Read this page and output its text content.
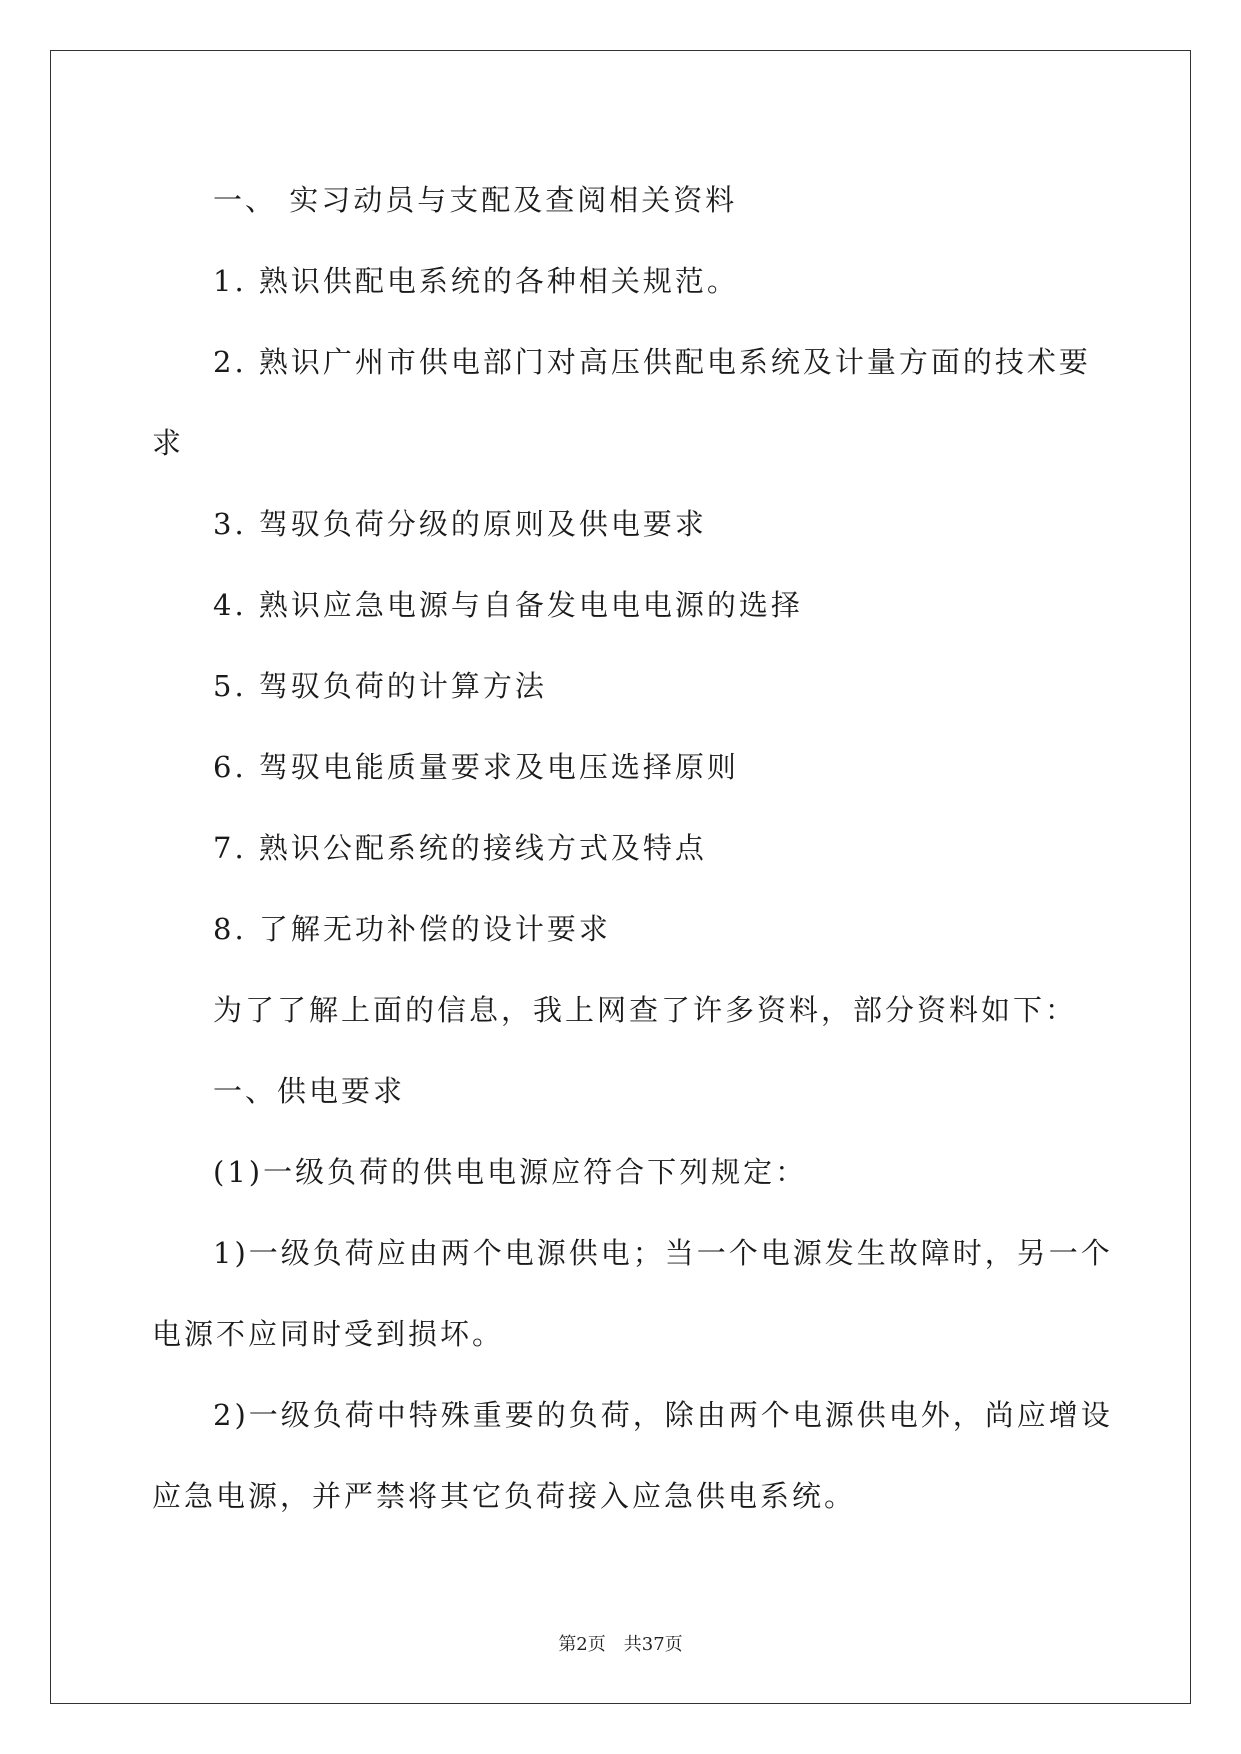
一、 实习动员与支配及查阅相关资料

1. 熟识供配电系统的各种相关规范。

2. 熟识广州市供电部门对高压供配电系统及计量方面的技术要

求

3. 驾驭负荷分级的原则及供电要求

4. 熟识应急电源与自备发电电电源的选择

5. 驾驭负荷的计算方法

6. 驾驭电能质量要求及电压选择原则

7. 熟识公配系统的接线方式及特点

8. 了解无功补偿的设计要求

为了了解上面的信息，我上网查了许多资料，部分资料如下：

一、供电要求

(1)一级负荷的供电电源应符合下列规定：

1)一级负荷应由两个电源供电；当一个电源发生故障时，另一个

电源不应同时受到损坏。

2)一级负荷中特殊重要的负荷，除由两个电源供电外，尚应增设

应急电源，并严禁将其它负荷接入应急供电系统。

第2页　共37页
